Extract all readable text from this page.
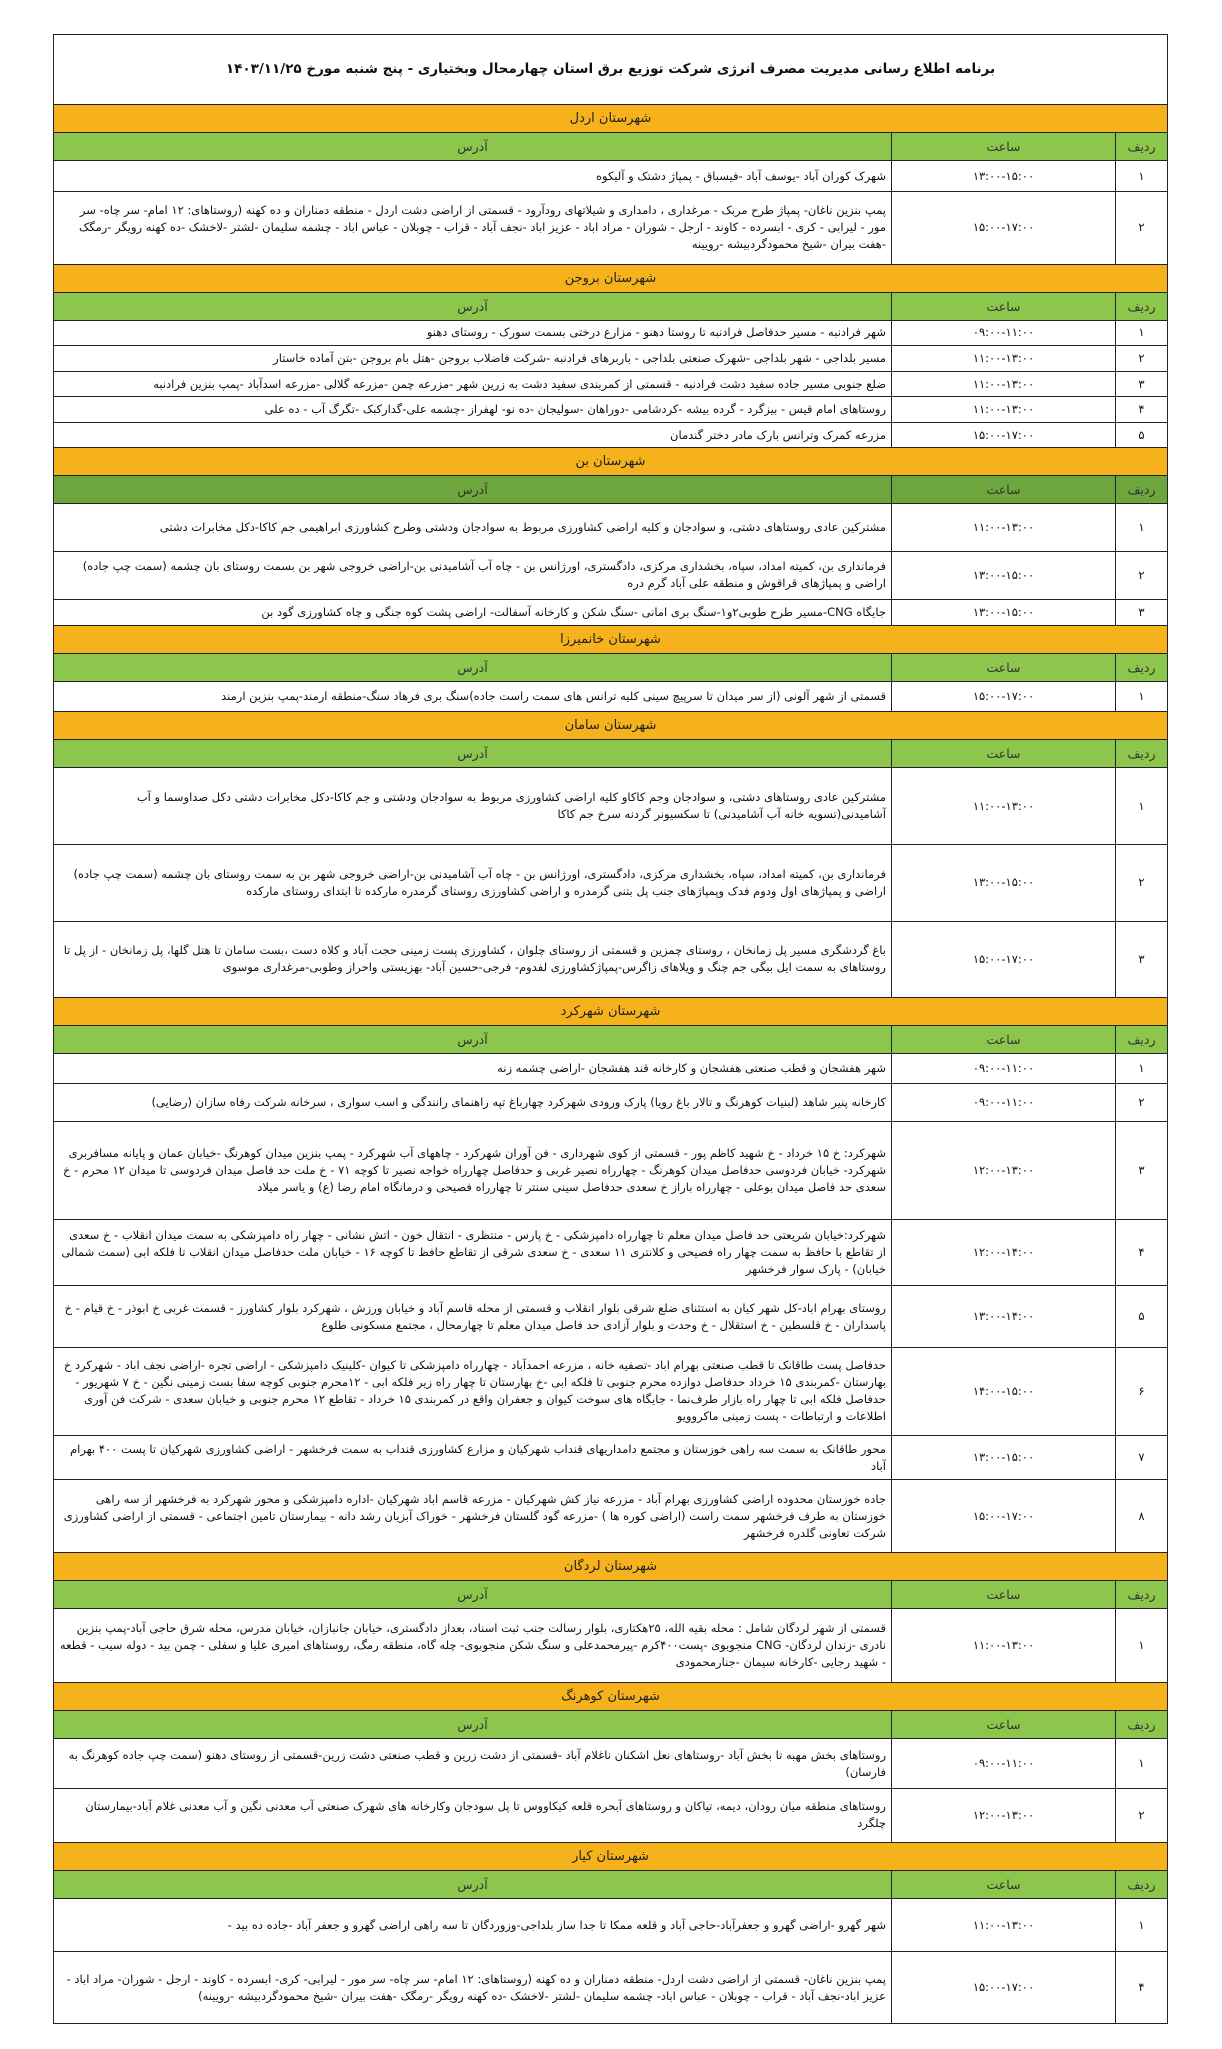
برنامه اطلاع رسانی مدیریت مصرف انرژی شرکت توزیع برق استان چهارمحال وبختیاری - پنج شنبه مورخ ۱۴۰۳/۱۱/۲۵		
شهرستان اردل		
ردیف	ساعت	آدرس
۱	۱۳:۰۰-۱۵:۰۰	شهرک کوران آباد -یوسف آباد -فیسباق - پمپاژ دشتک و آلیکوه
۲	۱۵:۰۰-۱۷:۰۰	پمپ بنزین ناغان- پمپاژ طرح مربک - مرغداری ، دامداری و شیلاتهای رودآرود - قسمتی از اراضی دشت اردل - منطقه دمناران و ده کهنه (روستاهای: ۱۲ امام- سر چاه- سر مور - لیرابی - کری - ابسرده - کاوند - ارجل - شوران - مراد اباد - عزیز اباد -نجف آباد - قراب - چوبلان - عباس اباد - چشمه سلیمان -لشتر -لاخشک -ده کهنه رویگر -رمگک -هفت بیران -شیخ محمودگردبیشه -رویینه
شهرستان بروجن		
ردیف	ساعت	آدرس
۱	۰۹:۰۰-۱۱:۰۰	شهر فرادنبه - مسیر حدفاصل فرادنبه تا روستا دهنو - مزارع درختی بسمت سورک - روستای دهنو
۲	۱۱:۰۰-۱۳:۰۰	مسیر بلداجی - شهر بلداجی -شهرک صنعتی بلداجی - باربرهای فرادنبه -شرکت فاضلاب بروجن -هتل بام بروجن -بتن آماده خاستار
۳	۱۱:۰۰-۱۳:۰۰	ضلع جنوبی مسیر جاده سفید دشت فرادنبه - قسمتی از کمربندی سفید دشت به زرین شهر -مزرعه چمن -مزرعه گلالی -مزرعه اسدآباد -پمپ بنزین فرادنبه
۴	۱۱:۰۰-۱۳:۰۰	روستاهای امام قیس - بیزگرد - گرده بیشه -کردشامی -دوراهان -سولیجان -ده نو- لهفراز -چشمه علی-گدارکبک -تگرگ آب - ده علی
۵	۱۵:۰۰-۱۷:۰۰	مزرعه کمرک وترانس بارک مادر دختر گندمان
شهرستان بن		
ردیف	ساعت	آدرس
۱	۱۱:۰۰-۱۳:۰۰	مشترکین عادی روستاهای دشتی، و سوادجان و کلیه اراضی کشاورزی مربوط به سوادجان ودشتی وطرح کشاورزی ابراهیمی جم کاکا-دکل مخابرات دشتی
۲	۱۳:۰۰-۱۵:۰۰	فرمانداری بن، کمیته امداد، سپاه، بخشداری مرکزی، دادگستری، اورژانس بن - چاه آب آشامیدنی بن-اراضی خروجی شهر بن بسمت روستای بان چشمه (سمت چپ جاده) اراضی و پمپاژهای قراقوش و منطقه علی آباد گرم دره
۳	۱۳:۰۰-۱۵:۰۰	جایگاه CNG-مسیر طرح طوبی۲و۱-سنگ بری امانی -سنگ شکن و کارخانه آسفالت- اراضی پشت کوه جنگی و چاه کشاورزی گود بن
شهرستان خانمیرزا		
ردیف	ساعت	آدرس
۱	۱۵:۰۰-۱۷:۰۰	قسمتی از شهر آلونی (از سر میدان تا سرپیچ سینی کلیه ترانس های سمت راست جاده)سنگ بری فرهاد سنگ-منطقه ارمند-پمپ بنزین ارمند
شهرستان سامان		
ردیف	ساعت	آدرس
۱	۱۱:۰۰-۱۳:۰۰	مشترکین عادی روستاهای دشتی، و سوادجان وجم کاکاو کلیه اراضی کشاورزی مربوط به سوادجان ودشتی و جم کاکا-دکل مخابرات دشتی دکل صداوسما و آب آشامیدنی(تسویه خانه آب آشامیدنی) تا سکسیونر گردنه سرخ جم کاکا
۲	۱۳:۰۰-۱۵:۰۰	فرمانداری بن، کمیته امداد، سپاه، بخشداری مرکزی، دادگستری، اورژانس بن - چاه آب آشامیدنی بن-اراضی خروجی شهر بن به سمت روستای بان چشمه (سمت چپ جاده) اراضی و پمپاژهای اول ودوم فدک وپمپاژهای جنب پل بتنی گرمدره و اراضی کشاورزی روستای گرمدره مارکده تا ابتدای روستای مارکده
۳	۱۵:۰۰-۱۷:۰۰	باغ گردشگری مسیر پل زمانخان ، روستای چمزین و قسمتی از روستای چلوان ، کشاورزی پست زمینی حجت آباد و کلاه دست ،بست سامان تا هتل گلها، پل زمانخان - از پل تا روستاهای به سمت ایل بیگی جم چنگ و ویلاهای زاگرس-پمپاژکشاورزی لفدوم- فرجی-حسین آباد- بهزیستی واحراز وطوبی-مرغداری موسوی
شهرستان شهرکرد		
ردیف	ساعت	آدرس
۱	۰۹:۰۰-۱۱:۰۰	شهر هفشجان و قطب صنعتی هفشجان و کارخانه قند هفشجان -اراضی چشمه زنه
۲	۰۹:۰۰-۱۱:۰۰	کارخانه پنیر شاهد (لبنیات کوهرنگ و تالار باغ رویا) پارک ورودی شهرکرد چهارباغ تپه راهنمای رانندگی و اسب سواری ، سرخانه شرکت رفاه سازان (رضایی)
۳	۱۲:۰۰-۱۳:۰۰	شهرکرد: خ ۱۵ خرداد - خ شهید کاظم پور - قسمتی از کوی شهرداری - فن آوران شهرکرد - چاههای آب شهرکرد - پمپ بنزین میدان کوهرنگ -خیابان عمان و پایانه مسافربری شهرکرد- خیابان فردوسی حدفاصل میدان کوهرنگ - چهارراه نصیر غربی و حدفاصل چهارراه خواجه نصیر تا کوچه ۷۱ - خ ملت حد فاصل میدان فردوسی تا میدان ۱۲ محرم - خ سعدی حد فاصل میدان بوعلی - چهارراه باراز خ سعدی حدفاصل سینی سنتر تا چهارراه فصیحی و درمانگاه امام رضا (ع) و یاسر میلاد
۴	۱۲:۰۰-۱۴:۰۰	شهرکرد:خیابان شریعتی حد فاصل میدان معلم تا چهارراه دامپزشکی - خ پارس - منتظری - انتقال خون - اتش نشانی - چهار راه دامپزشکی به سمت میدان انقلاب - خ سعدی از تقاطع با حافظ به سمت چهار راه فصیحی و کلانتری ۱۱ سعدی - خ سعدی شرقی از تقاطع حافظ تا کوچه ۱۶ - خیابان ملت حدفاصل میدان انقلاب تا فلکه ابی (سمت شمالی خیابان) - پارک سوار فرخشهر
۵	۱۳:۰۰-۱۴:۰۰	روستای بهرام اباد-کل شهر کیان به استثنای ضلع شرقی بلوار انقلاب و قسمتی از محله قاسم آباد و خیابان ورزش ، شهرکرد بلوار کشاورز - قسمت غربی خ ابوذر - خ قیام - خ پاسداران - خ فلسطین - خ استقلال - خ وحدت و بلوار آزادی حد فاصل میدان معلم تا چهارمحال ، مجتمع مسکونی طلوع
۶	۱۴:۰۰-۱۵:۰۰	حدفاصل پست طاقانک تا قطب صنعتی بهرام اباد -تصفیه خانه ، مزرعه احمدآباد - چهارراه دامپزشکی تا کیوان -کلینیک دامپزشکی - اراضی تجره -اراضی نجف اباد - شهرکرد خ بهارستان -کمربندی ۱۵ خرداد حدفاصل دوازده محرم جنوبی تا فلکه ابی -خ بهارستان تا چهار راه زیر فلکه ابی - ۱۲محرم جنوبی کوچه سفا بست زمینی نگین - خ ۷ شهریور - حدفاصل فلکه ابی تا چهار راه بازار طرف‌نما - جایگاه های سوخت کیوان و جعفران واقع در کمربندی ۱۵ خرداد - تقاطع ۱۲ محرم جنوبی و خیابان سعدی - شرکت فن آوری اطلاعات و ارتباطات - پست زمینی ماکروویو
۷	۱۳:۰۰-۱۵:۰۰	محور طاقانک به سمت سه راهی خوزستان و مجتمع دامداریهای قنداب شهرکیان و مزارع کشاورزی قنداب به سمت فرخشهر - اراضی کشاورزی شهرکیان تا پست ۴۰۰ بهرام آباد
۸	۱۵:۰۰-۱۷:۰۰	جاده خوزستان محدوده اراضی کشاورزی بهرام آباد - مزرعه نیاز کش شهرکیان - مزرعه قاسم اباد شهرکیان -اداره دامپزشکی و محور شهرکرد به فرخشهر از سه راهی خوزستان به طرف فرخشهر سمت راست (اراضی کوره ها ) -مزرعه گود گلستان فرخشهر - خوراک آبزیان رشد دانه - بیمارستان تامین اجتماعی - قسمتی از اراضی کشاورزی شرکت تعاونی گلدره فرخشهر
شهرستان لردگان		
ردیف	ساعت	آدرس
۱	۱۱:۰۰-۱۳:۰۰	قسمتی از شهر لردگان شامل : محله بقیه الله، ۲۵هکتاری، بلوار رسالت جنب ثبت اسناد، بعداز دادگستری، خیابان جانبازان، خیابان مدرس، محله شرق حاجی آباد-پمپ بنزین نادری -زندان لردگان- CNG منجوبوی -پست۴۰۰کرم -پیرمحمدعلی و سنگ شکن منجوبوی- چله گاه، منطقه رمگ، روستاهای امیری علیا و سفلی - چمن بید - دوله سیب - قطعه - شهید رجایی -کارخانه سیمان -جنارمحمودی
شهرستان کوهرنگ		
ردیف	ساعت	آدرس
۱	۰۹:۰۰-۱۱:۰۰	روستاهای بخش مهبه تا بخش آباد -روستاهای نعل اشکنان ناغلام آباد -قسمتی از دشت زرین و قطب صنعتی دشت زرین-قسمتی از روستای دهنو (سمت چپ جاده کوهرنگ به فارسان)
۲	۱۲:۰۰-۱۳:۰۰	روستاهای منطقه میان رودان، دیمه، تیاکان و روستاهای آبحره قلعه کیکاووس تا پل سودجان وکارخانه های شهرک صنعتی آب معدنی نگین و آب معدنی غلام آباد-بیمارستان چلگرد
شهرستان کیار		
ردیف	ساعت	آدرس
۱	۱۱:۰۰-۱۳:۰۰	شهر گهرو -اراضی گهرو و جعفرآباد-حاجی آباد و قلعه ممکا تا جدا ساز بلداجی-وزوردگان تا سه راهی اراضی گهرو و جعفر آباد -جاده ده بید -
۴	۱۵:۰۰-۱۷:۰۰	پمپ بنزین ناغان- قسمتی از اراضی دشت اردل- منطقه دمناران و ده کهنه (روستاهای: ۱۲ امام- سر چاه- سر مور - لیرابی- کری- ابسرده - کاوند - ارجل - شوران- مراد اباد - عزیز اباد-نجف آباد - قراب - چوبلان - عباس اباد- چشمه سلیمان -لشتر -لاخشک -ده کهنه رویگر -رمگک -هفت بیران -شیخ محمودگردبیشه -رویینه)
